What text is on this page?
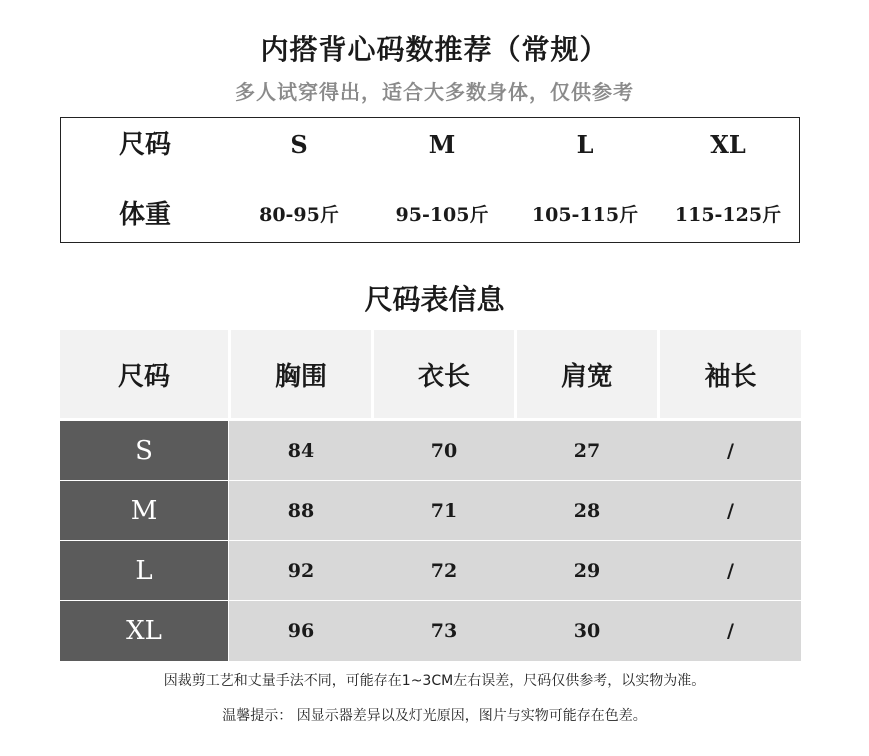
内搭背心码数推荐（常规）
多人试穿得出，适合大多数身体，仅供参考
尺码	S	M	L	XL
体重	80-95斤	95-105斤	105-115斤	115-125斤
尺码表信息
尺码	胸围	衣长	肩宽	袖长
S	84	70	27	/
M	88	71	28	/
L	92	72	29	/
XL	96	73	30	/
因裁剪工艺和丈量手法不同，可能存在1~3CM左右误差，尺码仅供参考，以实物为准。
温馨提示： 因显示器差异以及灯光原因，图片与实物可能存在色差。
